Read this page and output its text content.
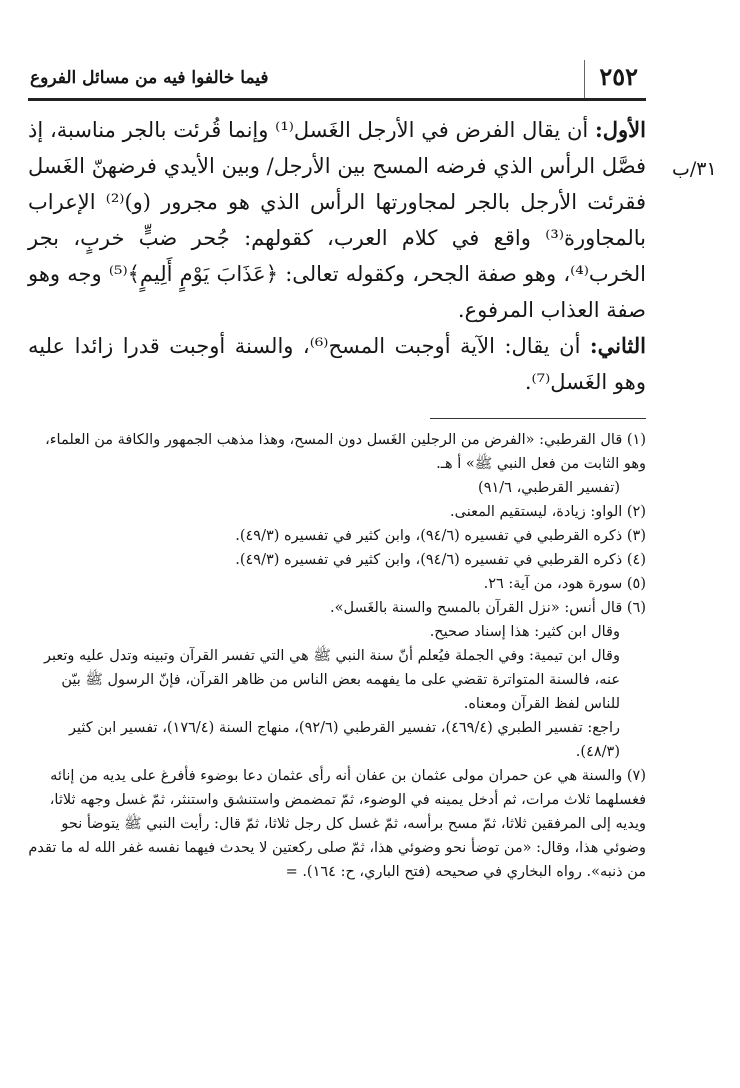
٢٥٢
فيما خالفوا فيه من مسائل الفروع
٣١/ب

الأول: أن يقال الفرض في الأرجل الغَسل⁽¹⁾ وإنما قُرئت بالجر مناسبة، إذ فصَّل الرأس الذي فرضه المسح بين الأرجل/ وبين الأيدي فرضهنّ الغَسل فقرئت الأرجل بالجر لمجاورتها الرأس الذي هو مجرور (و)⁽²⁾ الإعراب بالمجاورة⁽³⁾ واقع في كلام العرب، كقولهم: جُحر ضبٍّ خربٍ، بجر الخرب⁽⁴⁾، وهو صفة الجحر، وكقوله تعالى: ﴿عَذَابَ يَوْمٍ أَلِيمٍ﴾⁽⁵⁾ وجه وهو صفة العذاب المرفوع.

الثاني: أن يقال: الآية أوجبت المسح⁽⁶⁾، والسنة أوجبت قدرا زائدا عليه وهو الغَسل⁽⁷⁾.

(١) قال القرطبي: «الفرض من الرجلين الغَسل دون المسح، وهذا مذهب الجمهور والكافة من العلماء، وهو الثابت من فعل النبي ﷺ» أ هـ.

(تفسير القرطبي، ٩١/٦)

(٢) الواو: زيادة، ليستقيم المعنى.

(٣) ذكره القرطبي في تفسيره (٩٤/٦)، وابن كثير في تفسيره (٤٩/٣).

(٤) ذكره القرطبي في تفسيره (٩٤/٦)، وابن كثير في تفسيره (٤٩/٣).

(٥) سورة هود، من آية: ٢٦.

(٦) قال أنس: «نزل القرآن بالمسح والسنة بالغَسل».

وقال ابن كثير: هذا إسناد صحيح.

وقال ابن تيمية: وفي الجملة فيُعلم أنّ سنة النبي ﷺ هي التي تفسر القرآن وتبينه وتدل عليه وتعبر عنه، فالسنة المتواترة تقضي على ما يفهمه بعض الناس من ظاهر القرآن، فإنّ الرسول ﷺ بيّن للناس لفظ القرآن ومعناه.

راجع: تفسير الطبري (٤٦٩/٤)، تفسير القرطبي (٩٢/٦)، منهاج السنة (١٧٦/٤)، تفسير ابن كثير (٤٨/٣).

(٧) والسنة هي عن حمران مولى عثمان بن عفان أنه رأى عثمان دعا بوضوء فأفرغ على يديه من إنائه فغسلهما ثلاث مرات، ثم أدخل يمينه في الوضوء، ثمّ تمضمض واستنشق واستنثر، ثمّ غسل وجهه ثلاثا، ويديه إلى المرفقين ثلاثا، ثمّ مسح برأسه، ثمّ غسل كل رجل ثلاثا، ثمّ قال: رأيت النبي ﷺ يتوضأ نحو وضوئي هذا، وقال: «من توضأ نحو وضوئي هذا، ثمّ صلى ركعتين لا يحدث فيهما نفسه غفر الله له ما تقدم من ذنبه». رواه البخاري في صحيحه (فتح الباري، ح: ١٦٤). =
